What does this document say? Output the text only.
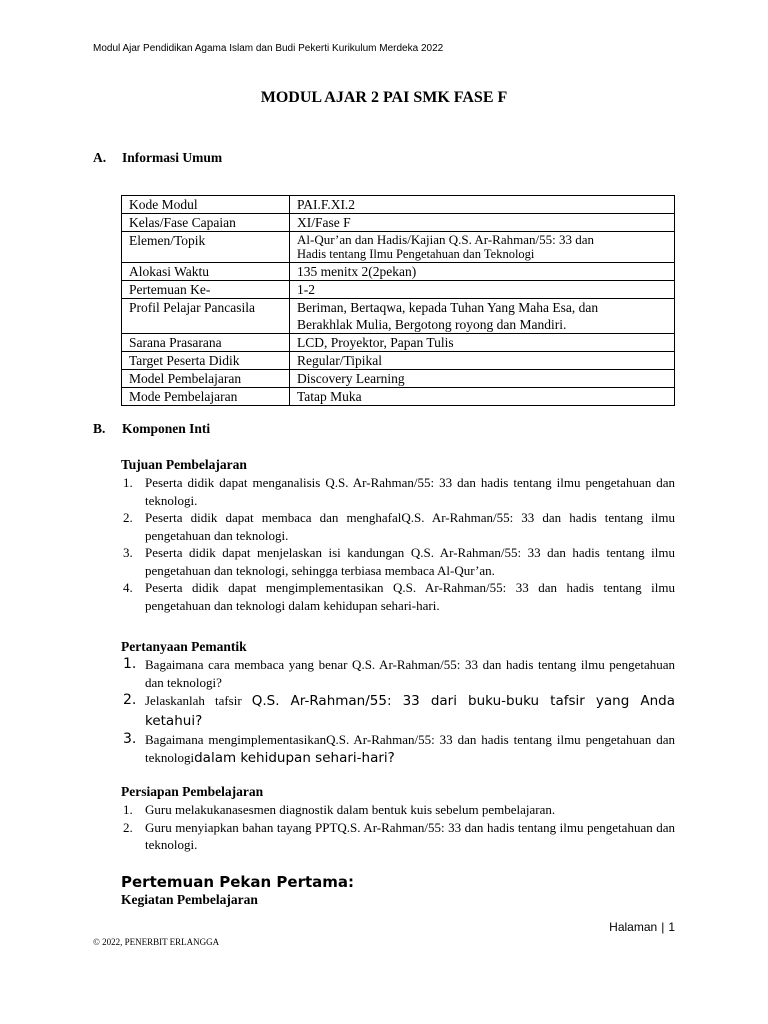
Modul Ajar Pendidikan Agama Islam dan Budi Pekerti Kurikulum Merdeka 2022
MODUL AJAR 2 PAI SMK FASE F
A. Informasi Umum
Kode Modul	PAI.F.XI.2
Kelas/Fase Capaian	XI/Fase F
Elemen/Topik	Al-Qur’an dan Hadis/Kajian Q.S. Ar-Rahman/55: 33 dan
Hadis tentang Ilmu Pengetahuan dan Teknologi

Alokasi Waktu	135 menitx 2(2pekan)
Pertemuan Ke-	1-2
Profil Pelajar Pancasila	Beriman, Bertaqwa, kepada Tuhan Yang Maha Esa, dan
Berakhlak Mulia, Bergotong royong dan Mandiri.

Sarana Prasarana	LCD, Proyektor, Papan Tulis
Target Peserta Didik	Regular/Tipikal
Model Pembelajaran	Discovery Learning
Mode Pembelajaran	Tatap Muka
B. Komponen Inti
Tujuan Pembelajaran
1. Peserta didik dapat menganalisis Q.S. Ar-Rahman/55: 33 dan hadis tentang ilmu pengetahuan dan teknologi.
2. Peserta didik dapat membaca dan menghafalQ.S. Ar-Rahman/55: 33 dan hadis tentang ilmu pengetahuan dan teknologi.
3. Peserta didik dapat menjelaskan isi kandungan Q.S. Ar-Rahman/55: 33 dan hadis tentang ilmu pengetahuan dan teknologi, sehingga terbiasa membaca Al-Qur’an.
4. Peserta didik dapat mengimplementasikan Q.S. Ar-Rahman/55: 33 dan hadis tentang ilmu pengetahuan dan teknologi dalam kehidupan sehari-hari.
Pertanyaan Pemantik
1. Bagaimana cara membaca yang benar Q.S. Ar-Rahman/55: 33 dan hadis tentang ilmu pengetahuan dan teknologi?
2. Jelaskanlah tafsir Q.S. Ar-Rahman/55: 33 dari buku-buku tafsir yang Anda ketahui?
3. Bagaimana mengimplementasikanQ.S. Ar-Rahman/55: 33 dan hadis tentang ilmu pengetahuan dan teknologidalam kehidupan sehari-hari?
Persiapan Pembelajaran
1. Guru melakukanasesmen diagnostik dalam bentuk kuis sebelum pembelajaran.
2. Guru menyiapkan bahan tayang PPTQ.S. Ar-Rahman/55: 33 dan hadis tentang ilmu pengetahuan dan teknologi.
Pertemuan Pekan Pertama:
Kegiatan Pembelajaran
Halaman | 1
© 2022, PENERBIT ERLANGGA
